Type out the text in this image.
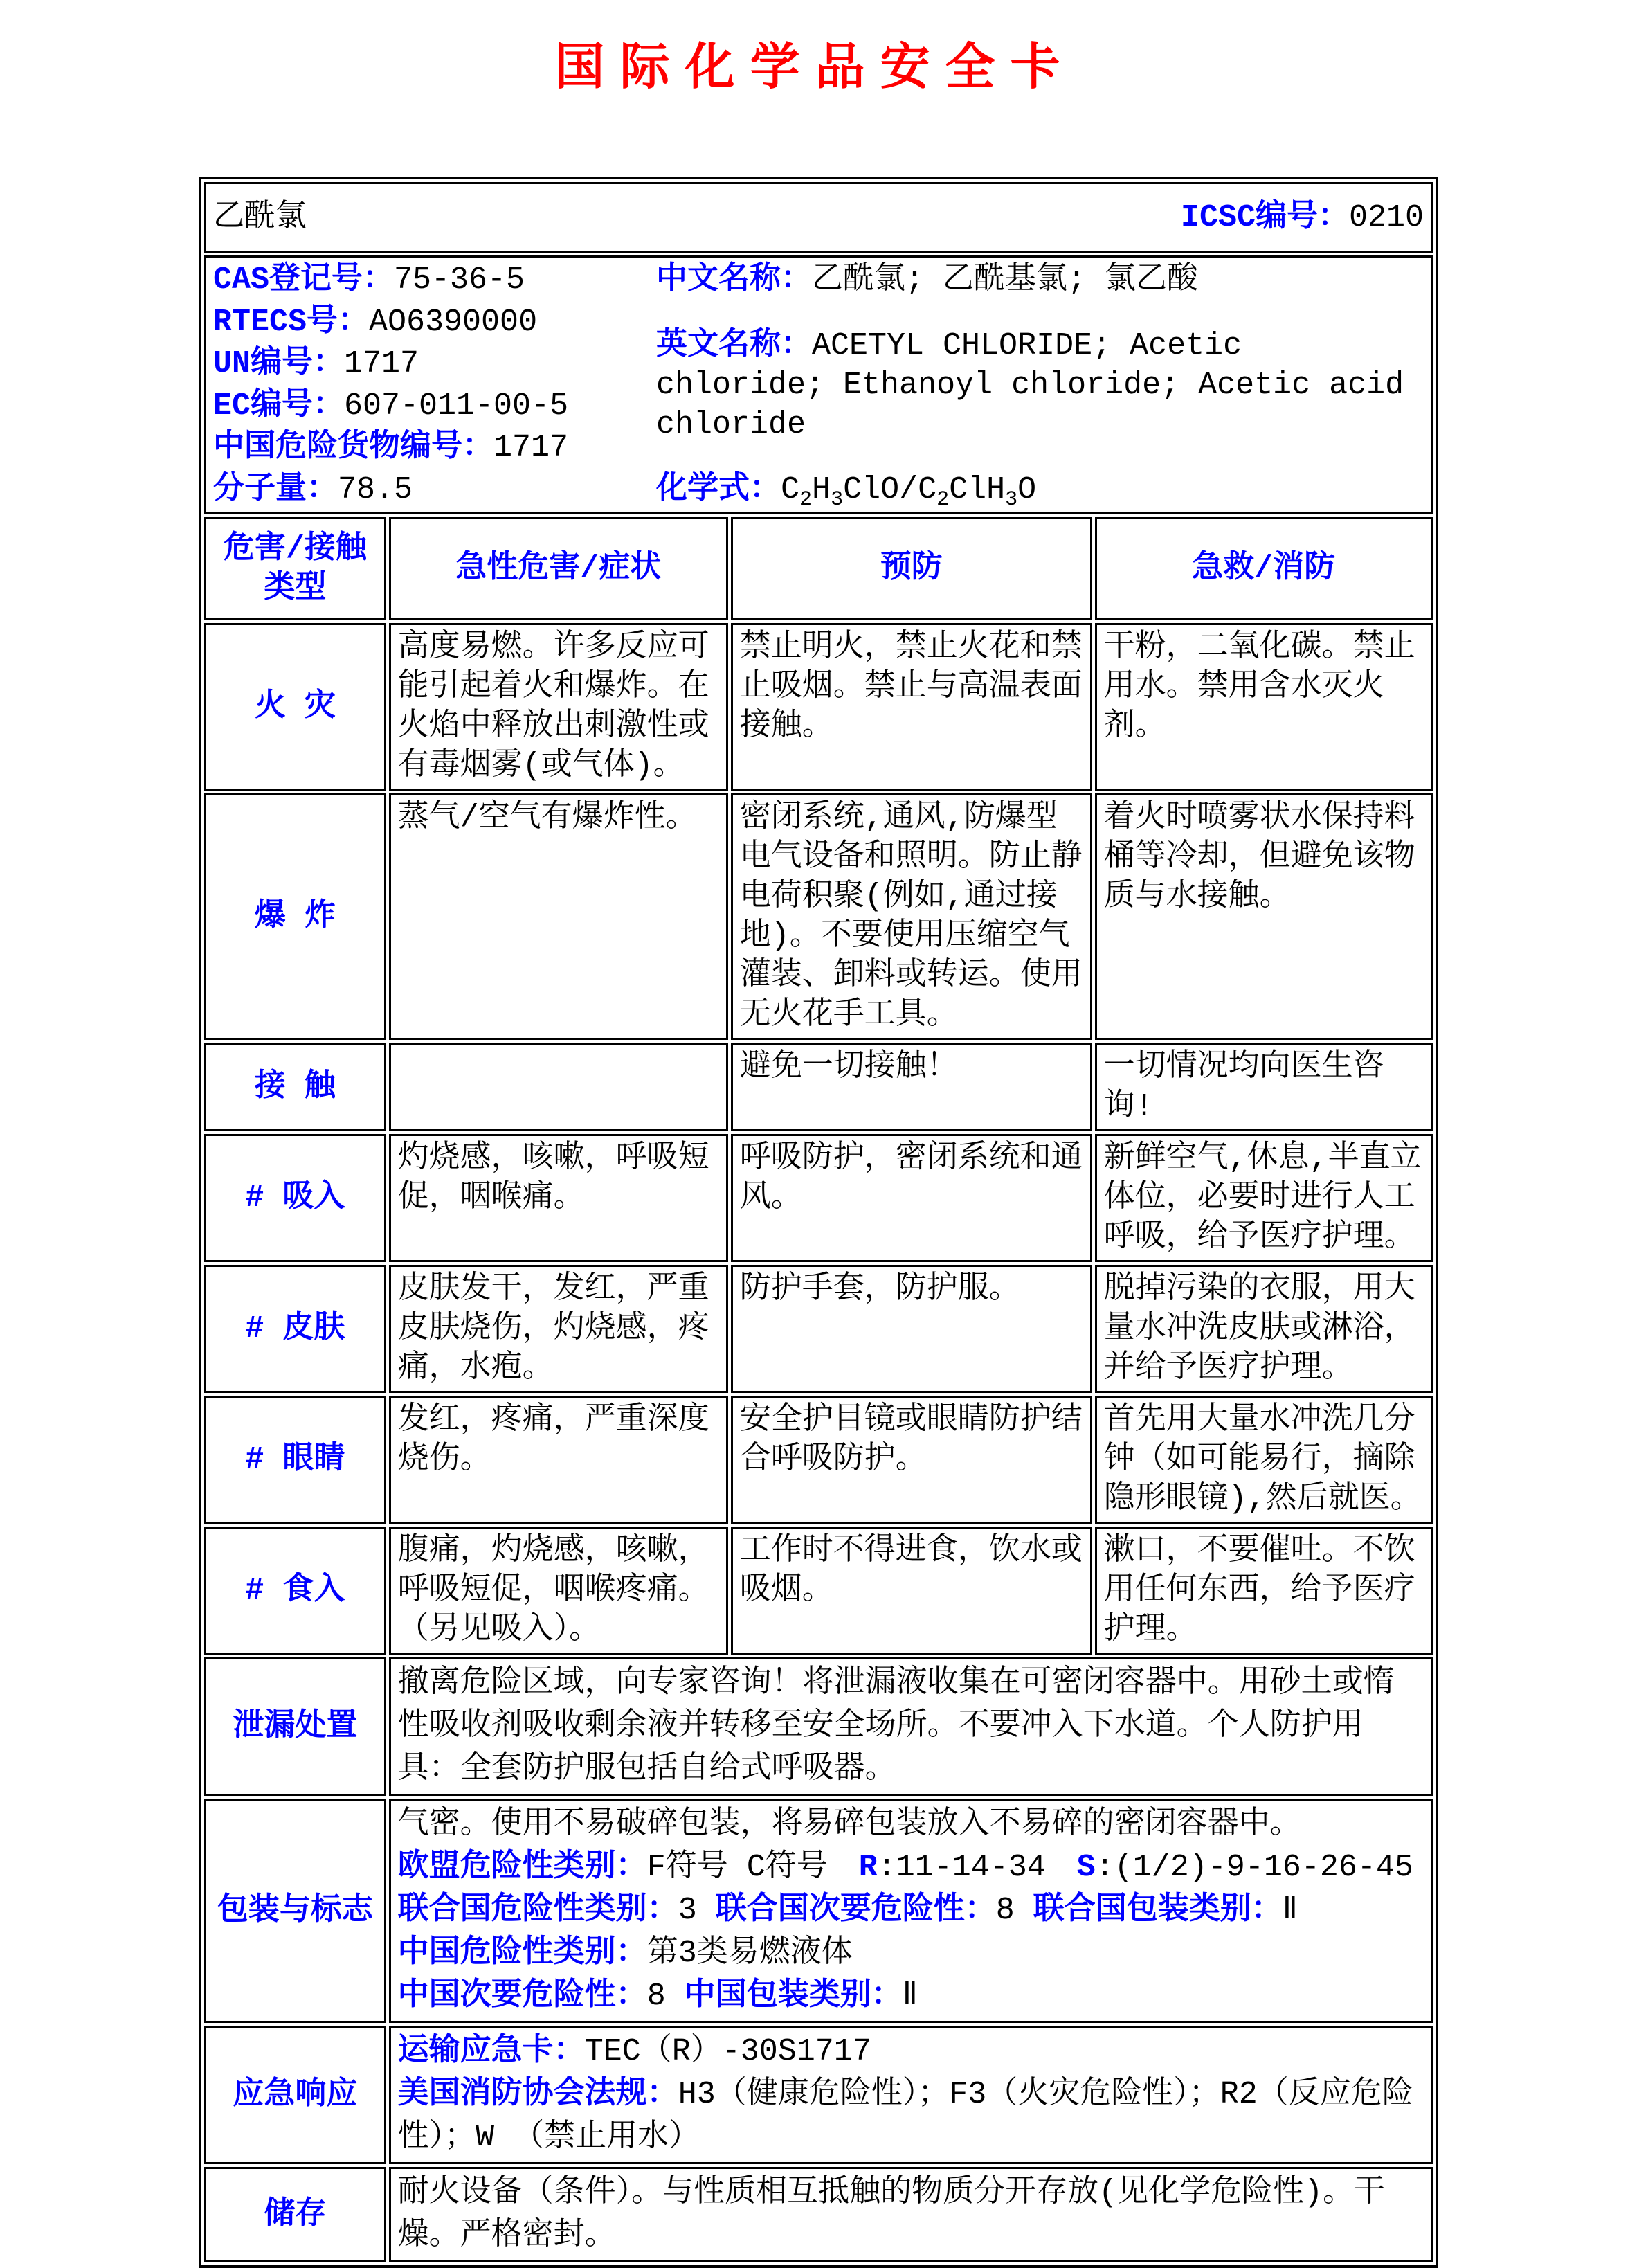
国际化学品安全卡
乙酰氯 ICSC编号：0210			

CAS登记号：75-36-5
RTECS号：AO6390000
UN编号：1717
EC编号：607-011-00-5
中国危险货物编号：1717
分子量：78.5
中文名称：乙酰氯; 乙酰基氯; 氯乙酸
英文名称：ACETYL CHLORIDE; Acetic chloride; Ethanoyl chloride; Acetic acid chloride
化学式：$C_2H_3ClO/C_2ClH_3O$

危害/接触
类型	急性危害/症状	预防	急救/消防
火 灾	高度易燃。许多反应可能引起着火和爆炸。在火焰中释放出刺激性或有毒烟雾(或气体)。	禁止明火，禁止火花和禁止吸烟。禁止与高温表面接触。	干粉，二氧化碳。禁止用水。禁用含水灭火剂。
爆 炸	蒸气/空气有爆炸性。	密闭系统,通风,防爆型电气设备和照明。防止静电荷积聚(例如,通过接地)。不要使用压缩空气灌装、卸料或转运。使用无火花手工具。	着火时喷雾状水保持料桶等冷却，但避免该物质与水接触。
接 触		避免一切接触！	一切情况均向医生咨询!
# 吸入	灼烧感，咳嗽，呼吸短促，咽喉痛。	呼吸防护，密闭系统和通风。	新鲜空气,休息,半直立体位，必要时进行人工呼吸，给予医疗护理。
# 皮肤	皮肤发干，发红，严重皮肤烧伤，灼烧感，疼痛，水疱。	防护手套，防护服。	脱掉污染的衣服，用大量水冲洗皮肤或淋浴，并给予医疗护理。
# 眼睛	发红，疼痛，严重深度烧伤。	安全护目镜或眼睛防护结合呼吸防护。	首先用大量水冲洗几分钟（如可能易行，摘除隐形眼镜),然后就医。
# 食入	腹痛，灼烧感，咳嗽，呼吸短促，咽喉疼痛。（另见吸入）。	工作时不得进食，饮水或吸烟。	漱口，不要催吐。不饮用任何东西，给予医疗护理。
泄漏处置	撤离危险区域，向专家咨询！将泄漏液收集在可密闭容器中。用砂土或惰性吸收剂吸收剩余液并转移至安全场所。不要冲入下水道。个人防护用具：全套防护服包括自给式呼吸器。		

包装与标志	气密。使用不易破碎包装，将易碎包装放入不易碎的密闭容器中。
欧盟危险性类别：F符号 C符号　R:11-14-34　S:(1/2)-9-16-26-45
联合国危险性类别：3 联合国次要危险性：8 联合国包装类别：Ⅱ
中国危险性类别：第3类易燃液体
中国次要危险性：8 中国包装类别：Ⅱ		

应急响应	运输应急卡：TEC（R）-30S1717
美国消防协会法规：H3（健康危险性）；F3（火灾危险性）；R2（反应危险性）；W （禁止用水）		

储存	耐火设备（条件）。与性质相互抵触的物质分开存放(见化学危险性)。干燥。严格密封。		
